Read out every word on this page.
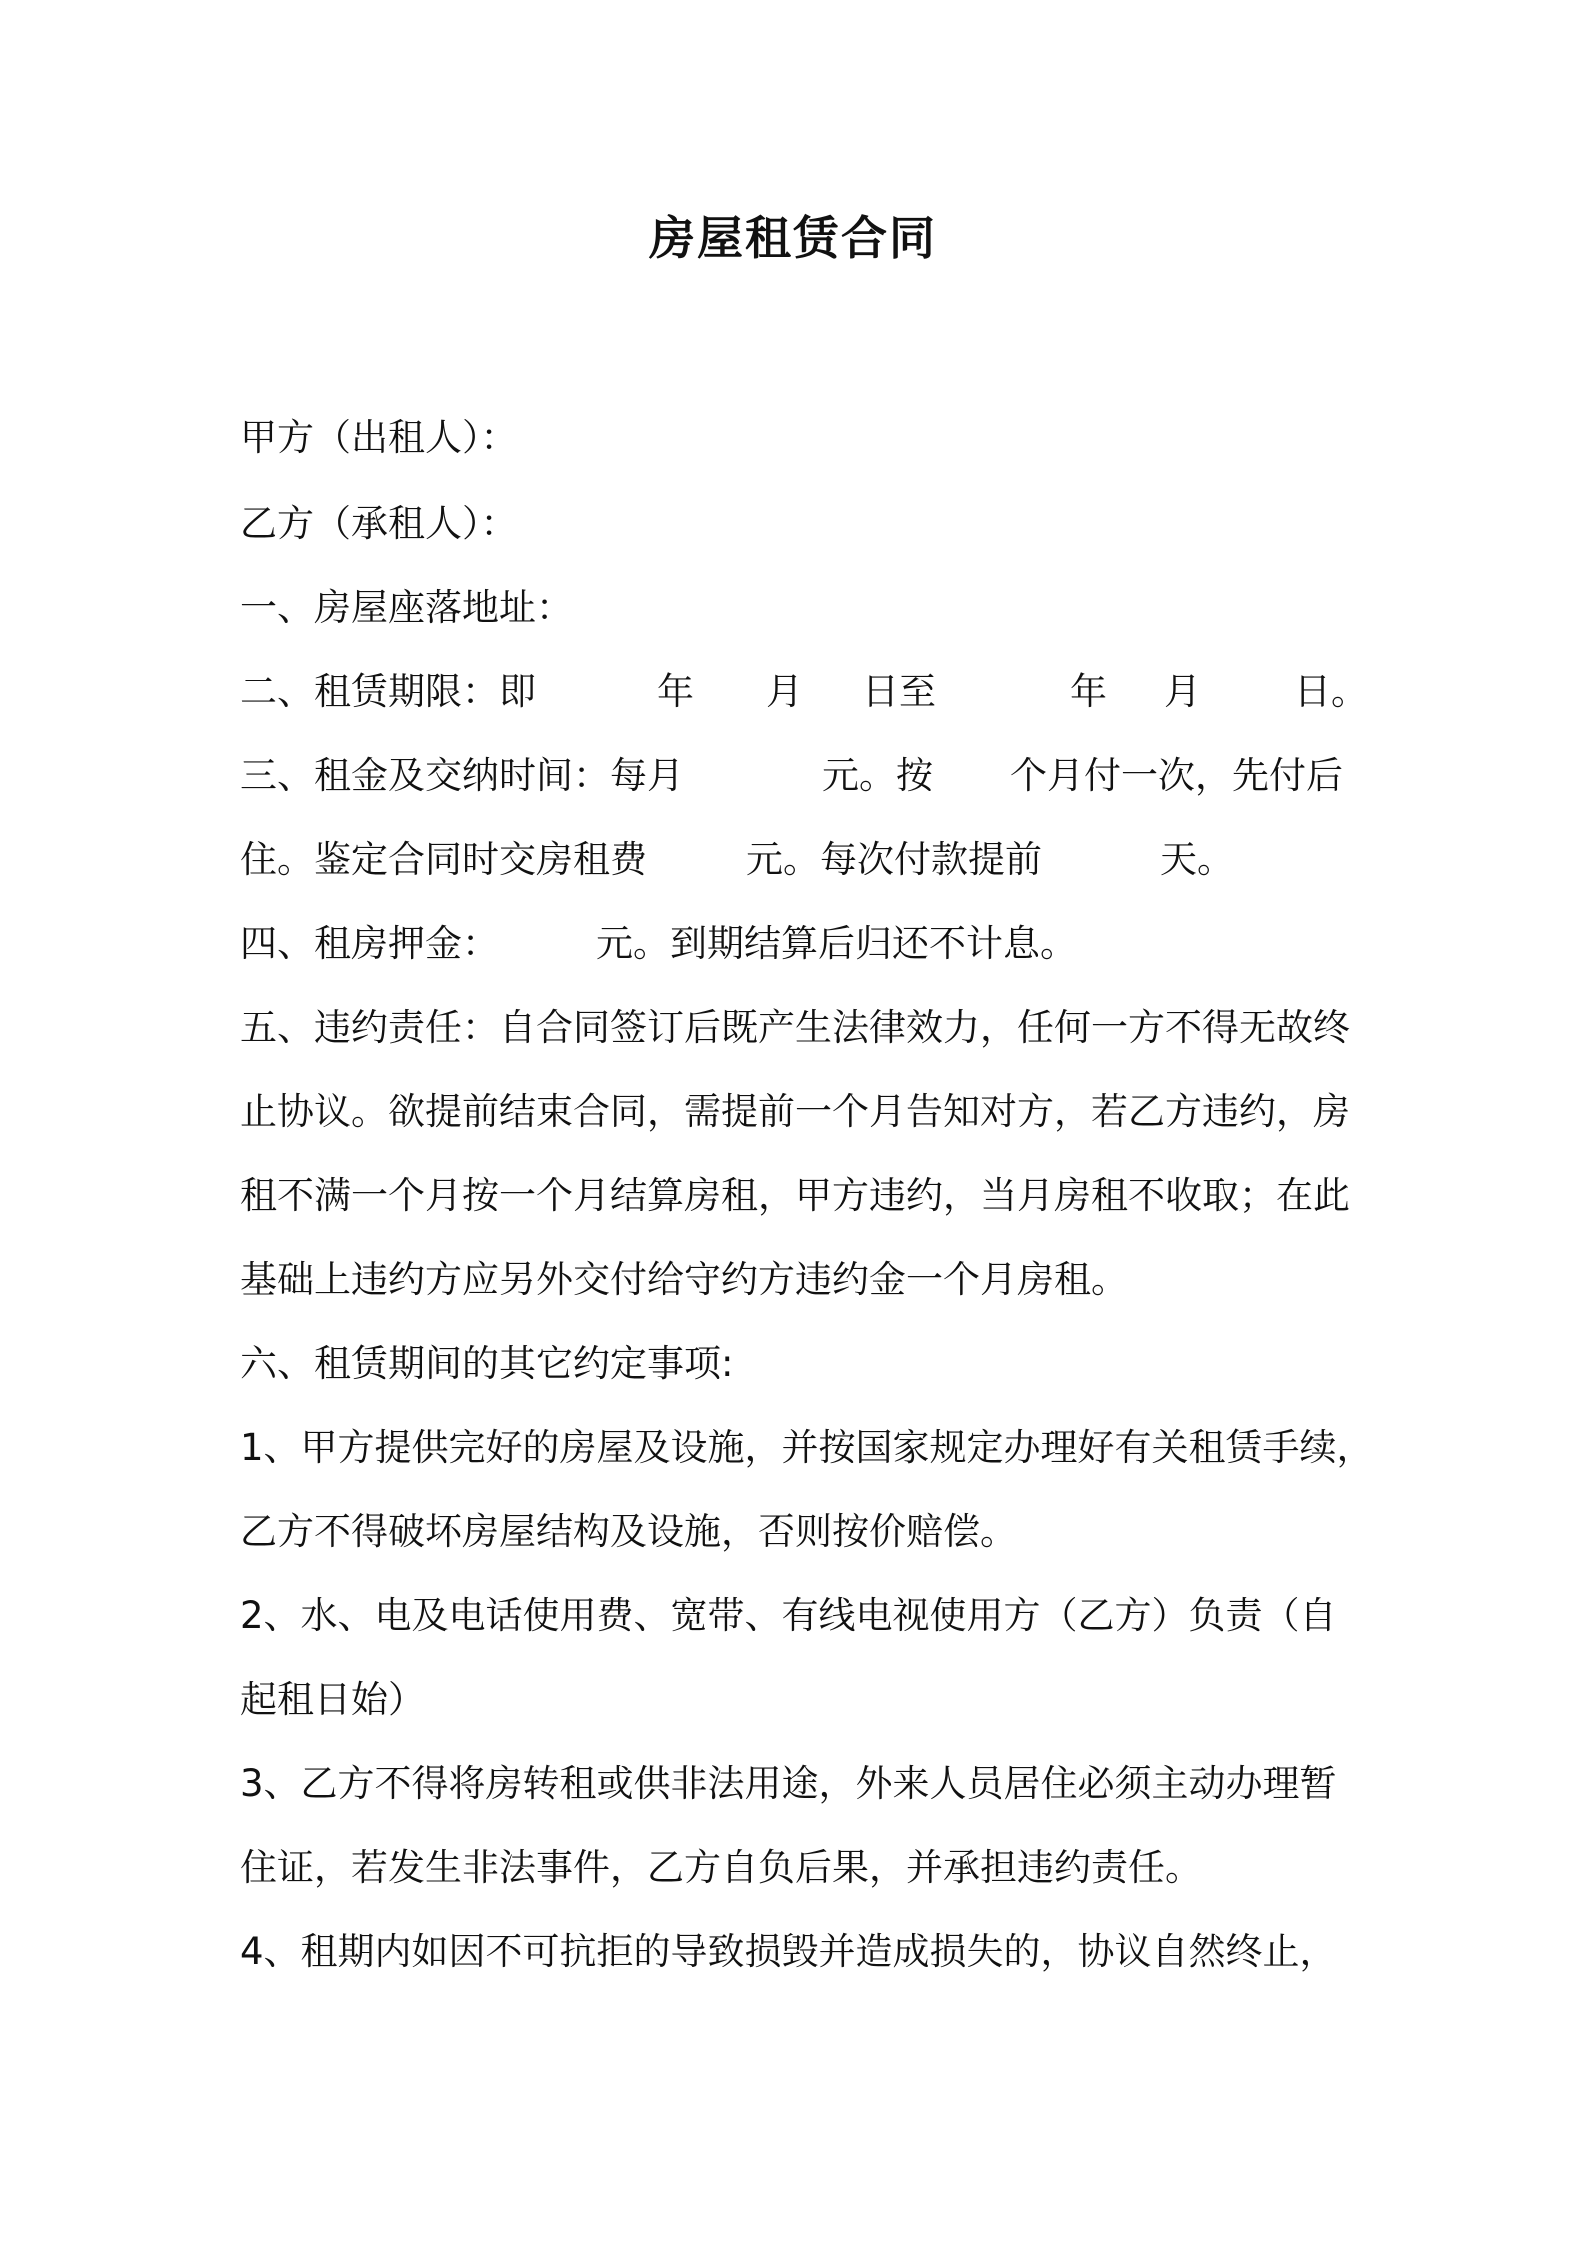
房屋租赁合同
甲方（出租人）：
乙方（承租人）：
一、房屋座落地址：

二、租赁期限：即

	年

月

日至

	年

月

	日。

三、租金及交纳时间：每月

	元。按

个月付一次，先付后

住。鉴定合同时交房租费

	元。每次付款提前

	天。

四、租房押金：

	元。到期结算后归还不计息。

五、违约责任：自合同签订后既产生法律效力，任何一方不得无故终
止协议。欲提前结束合同，需提前一个月告知对方，若乙方违约，房
租不满一个月按一个月结算房租，甲方违约，当月房租不收取；在此
基础上违约方应另外交付给守约方违约金一个月房租。
六、租赁期间的其它约定事项:
1、甲方提供完好的房屋及设施，并按国家规定办理好有关租赁手续，
乙方不得破坏房屋结构及设施，否则按价赔偿。
2、水、电及电话使用费、宽带、有线电视使用方（乙方）负责（自
起租日始）
3、乙方不得将房转租或供非法用途，外来人员居住必须主动办理暂
住证，若发生非法事件，乙方自负后果，并承担违约责任。
4、租期内如因不可抗拒的导致损毁并造成损失的，协议自然终止，
